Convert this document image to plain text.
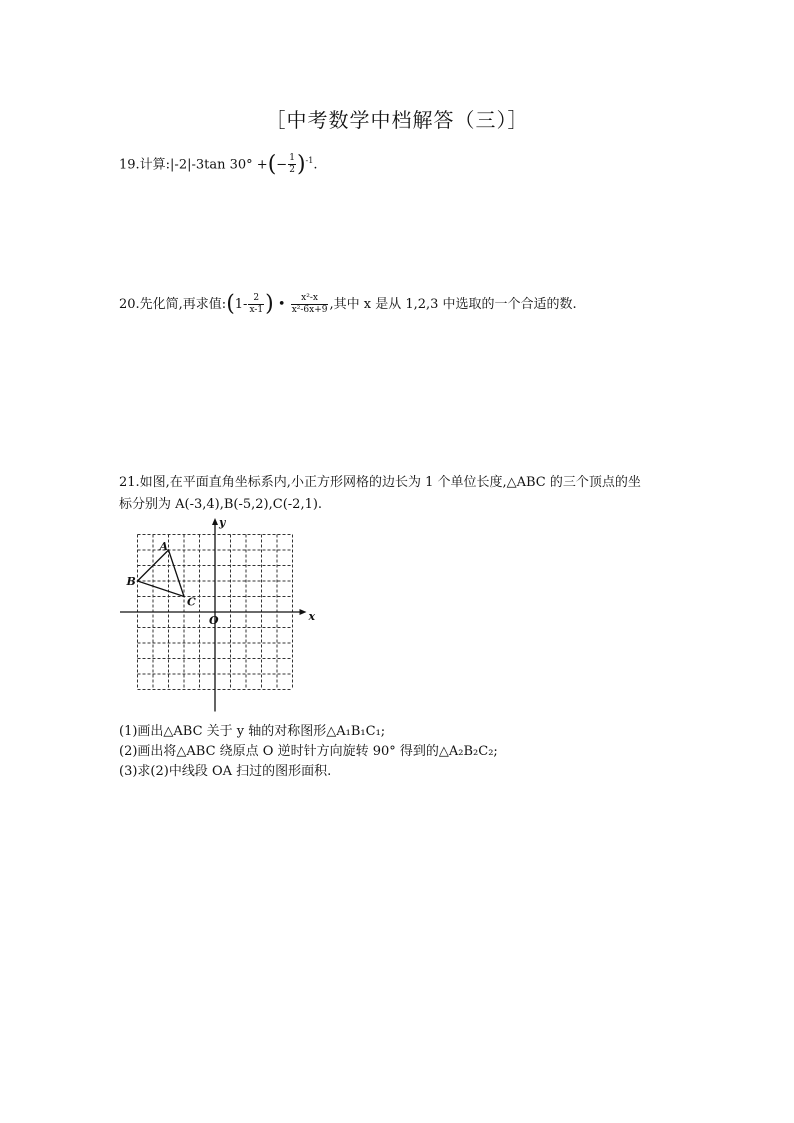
［中考数学中档解答（三）］
19.计算:|-2|-3tan 30° +(− $\frac{1}{2} )^{-1}$.
20.先化简,再求值:(1- $\frac{2}{x-1}$ ) • $\frac{\text{x²-x}}{\text{x²-6x+9}}$ ,其中 x 是从 1,2,3 中选取的一个合适的数.
21.如图,在平面直角坐标系内,小正方形网格的边长为 1 个单位长度,△ABC 的三个顶点的坐
标分别为 A(-3,4),B(-5,2),C(-2,1).
A
B
C
x
y
O
(1)画出△ABC 关于 y 轴的对称图形△A₁B₁C₁;
(2)画出将△ABC 绕原点 O 逆时针方向旋转 90° 得到的△A₂B₂C₂;
(3)求(2)中线段 OA 扫过的图形面积.
